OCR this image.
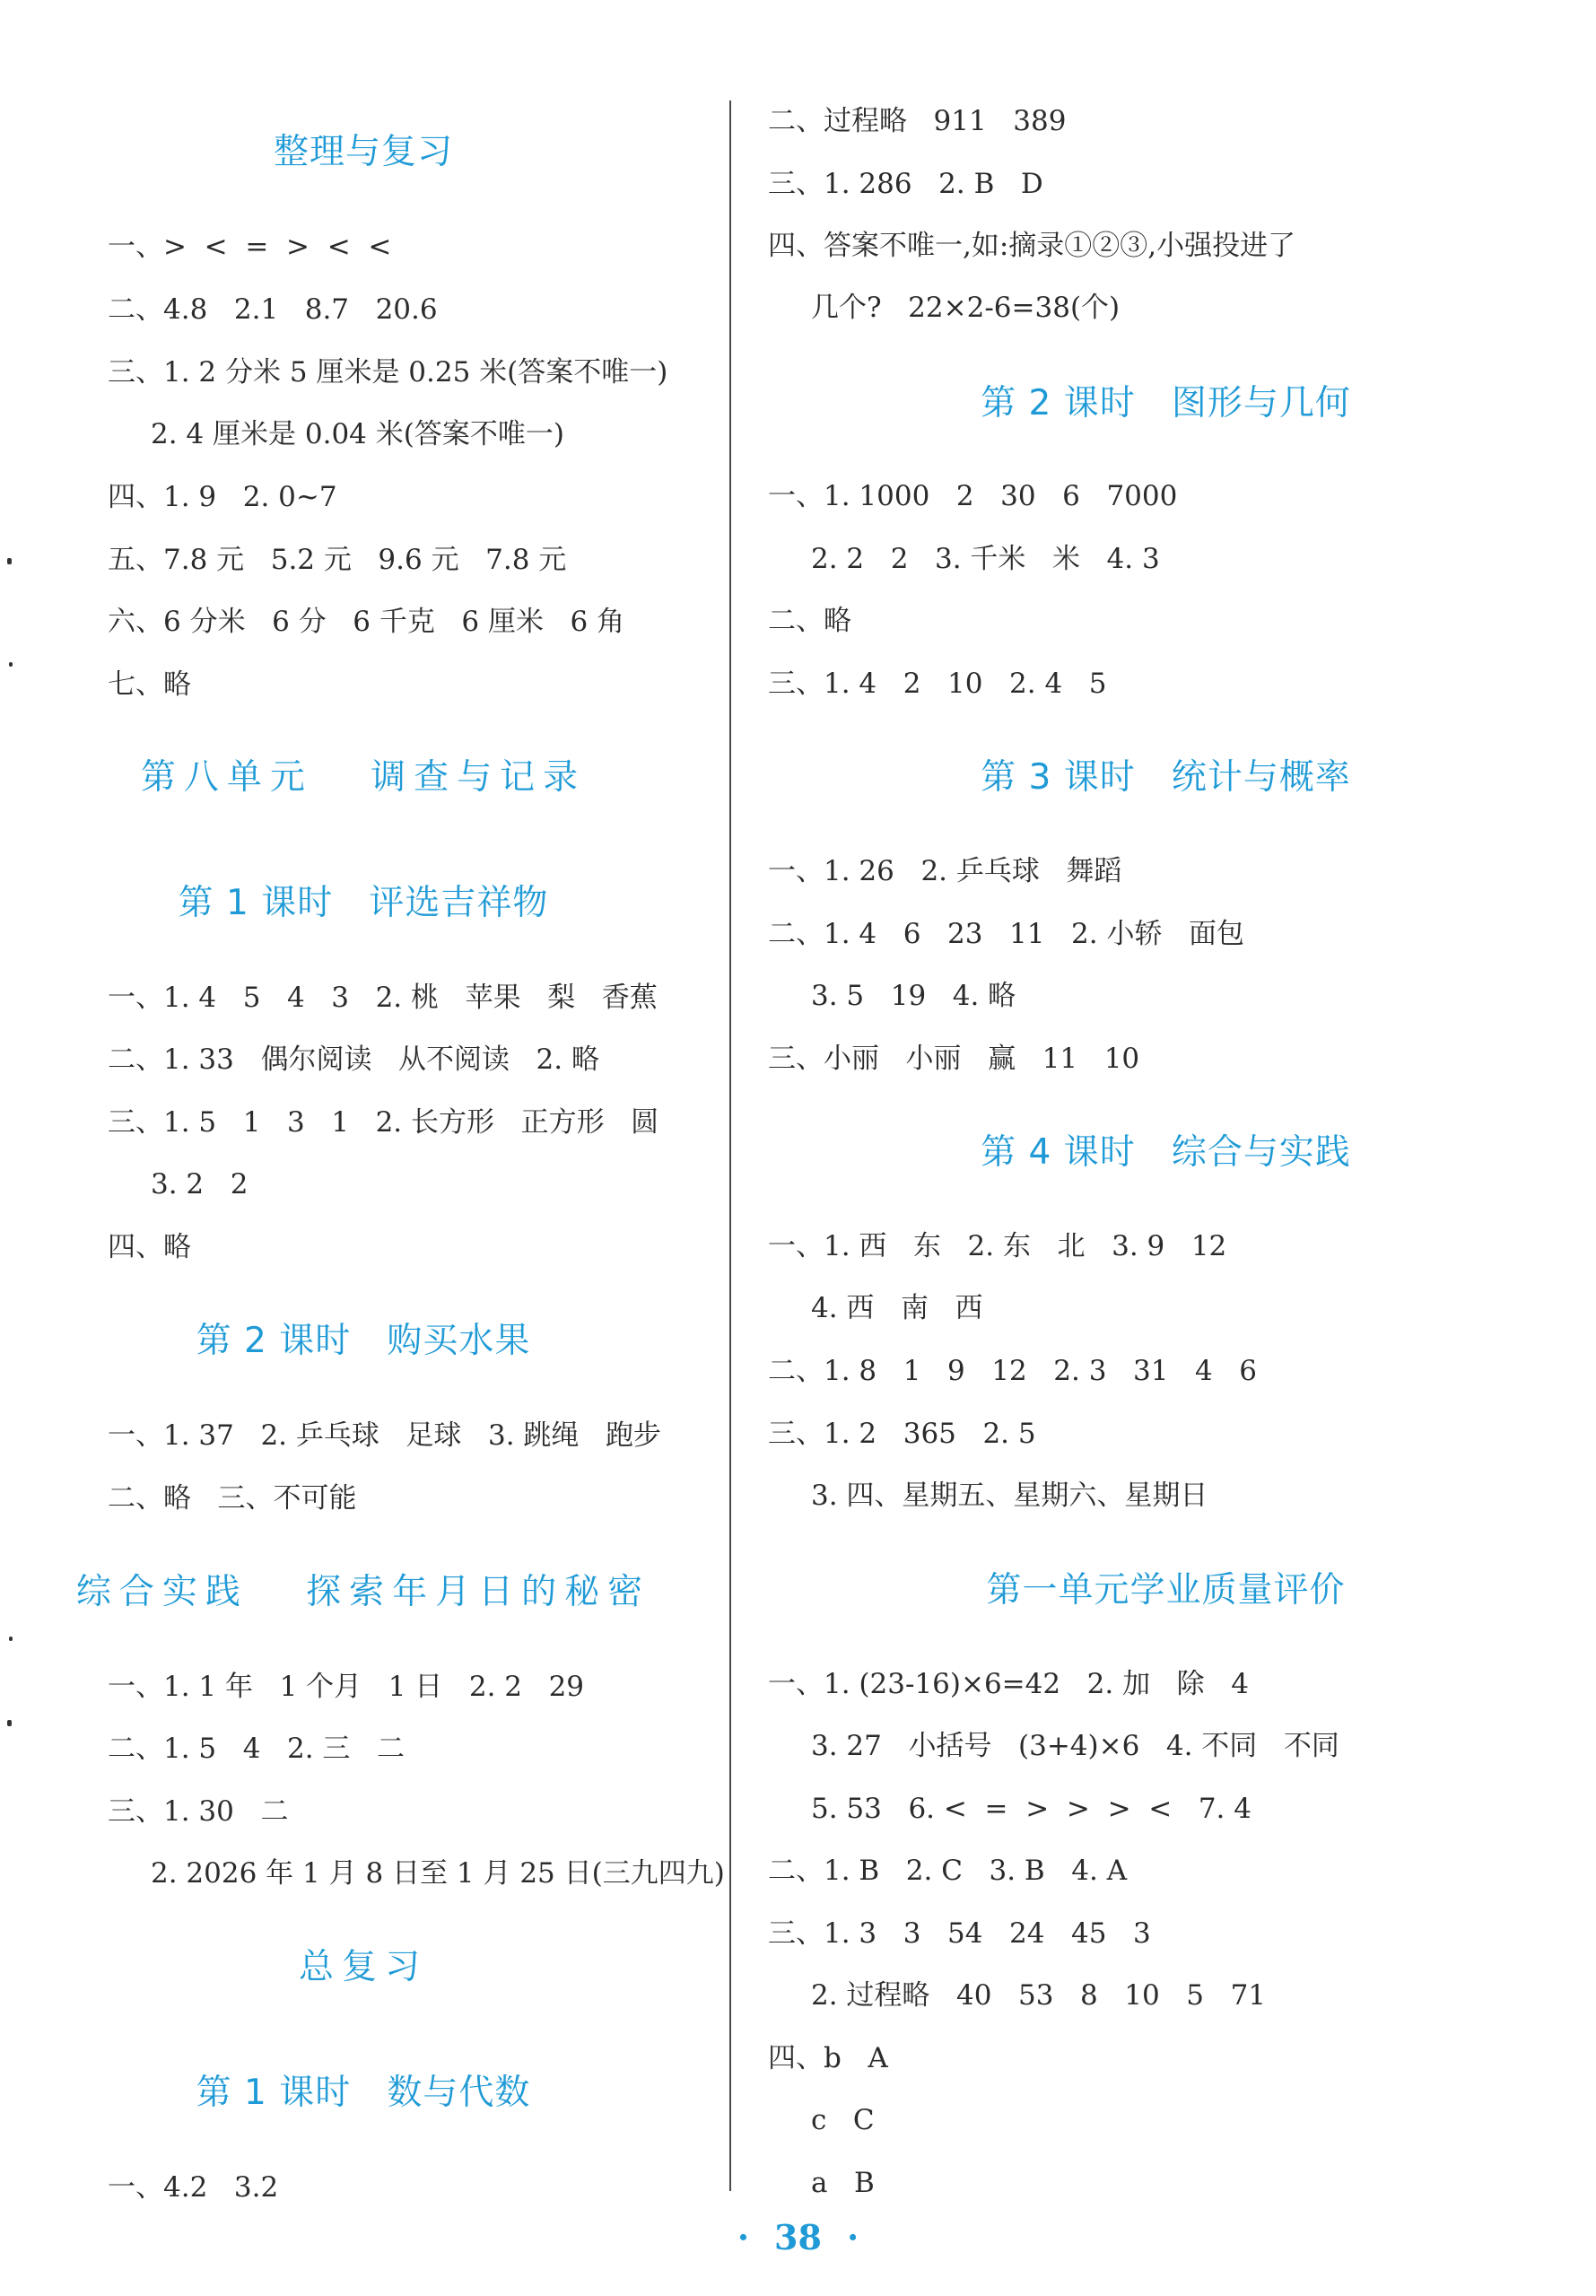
整理与复习
一、>  <  =  >  <  <
二、4.8   2.1   8.7   20.6
三、1. 2 分米 5 厘米是 0.25 米(答案不唯一)
2. 4 厘米是 0.04 米(答案不唯一)
四、1. 9   2. 0~7
五、7.8 元   5.2 元   9.6 元   7.8 元
六、6 分米   6 分   6 千克   6 厘米   6 角
七、略
第八单元   调查与记录
第 1 课时   评选吉祥物
一、1. 4   5   4   3   2. 桃   苹果   梨   香蕉
二、1. 33   偶尔阅读   从不阅读   2. 略
三、1. 5   1   3   1   2. 长方形   正方形   圆
3. 2   2
四、略
第 2 课时   购买水果
一、1. 37   2. 乒乓球   足球   3. 跳绳   跑步
二、略   三、不可能
综合实践   探索年月日的秘密
一、1. 1 年   1 个月   1 日   2. 2   29
二、1. 5   4   2. 三   二
三、1. 30   二
2. 2026 年 1 月 8 日至 1 月 25 日(三九四九)
总复习
第 1 课时   数与代数
一、4.2   3.2
二、过程略   911   389
三、1. 286   2. B   D
四、答案不唯一,如:摘录①②③,小强投进了
几个?   22×2-6=38(个)
第 2 课时   图形与几何
一、1. 1000   2   30   6   7000
2. 2   2   3. 千米   米   4. 3
二、略
三、1. 4   2   10   2. 4   5
第 3 课时   统计与概率
一、1. 26   2. 乒乓球   舞蹈
二、1. 4   6   23   11   2. 小轿   面包
3. 5   19   4. 略
三、小丽   小丽   赢   11   10
第 4 课时   综合与实践
一、1. 西   东   2. 东   北   3. 9   12
4. 西   南   西
二、1. 8   1   9   12   2. 3   31   4   6
三、1. 2   365   2. 5
3. 四、星期五、星期六、星期日
第一单元学业质量评价
一、1. (23-16)×6=42   2. 加   除   4
3. 27   小括号   (3+4)×6   4. 不同   不同
5. 53   6. <  =  >  >  >  <   7. 4
二、1. B   2. C   3. B   4. A
三、1. 3   3   54   24   45   3
2. 过程略   40   53   8   10   5   71
四、b   A
c   C
a   B
· 38 ·
